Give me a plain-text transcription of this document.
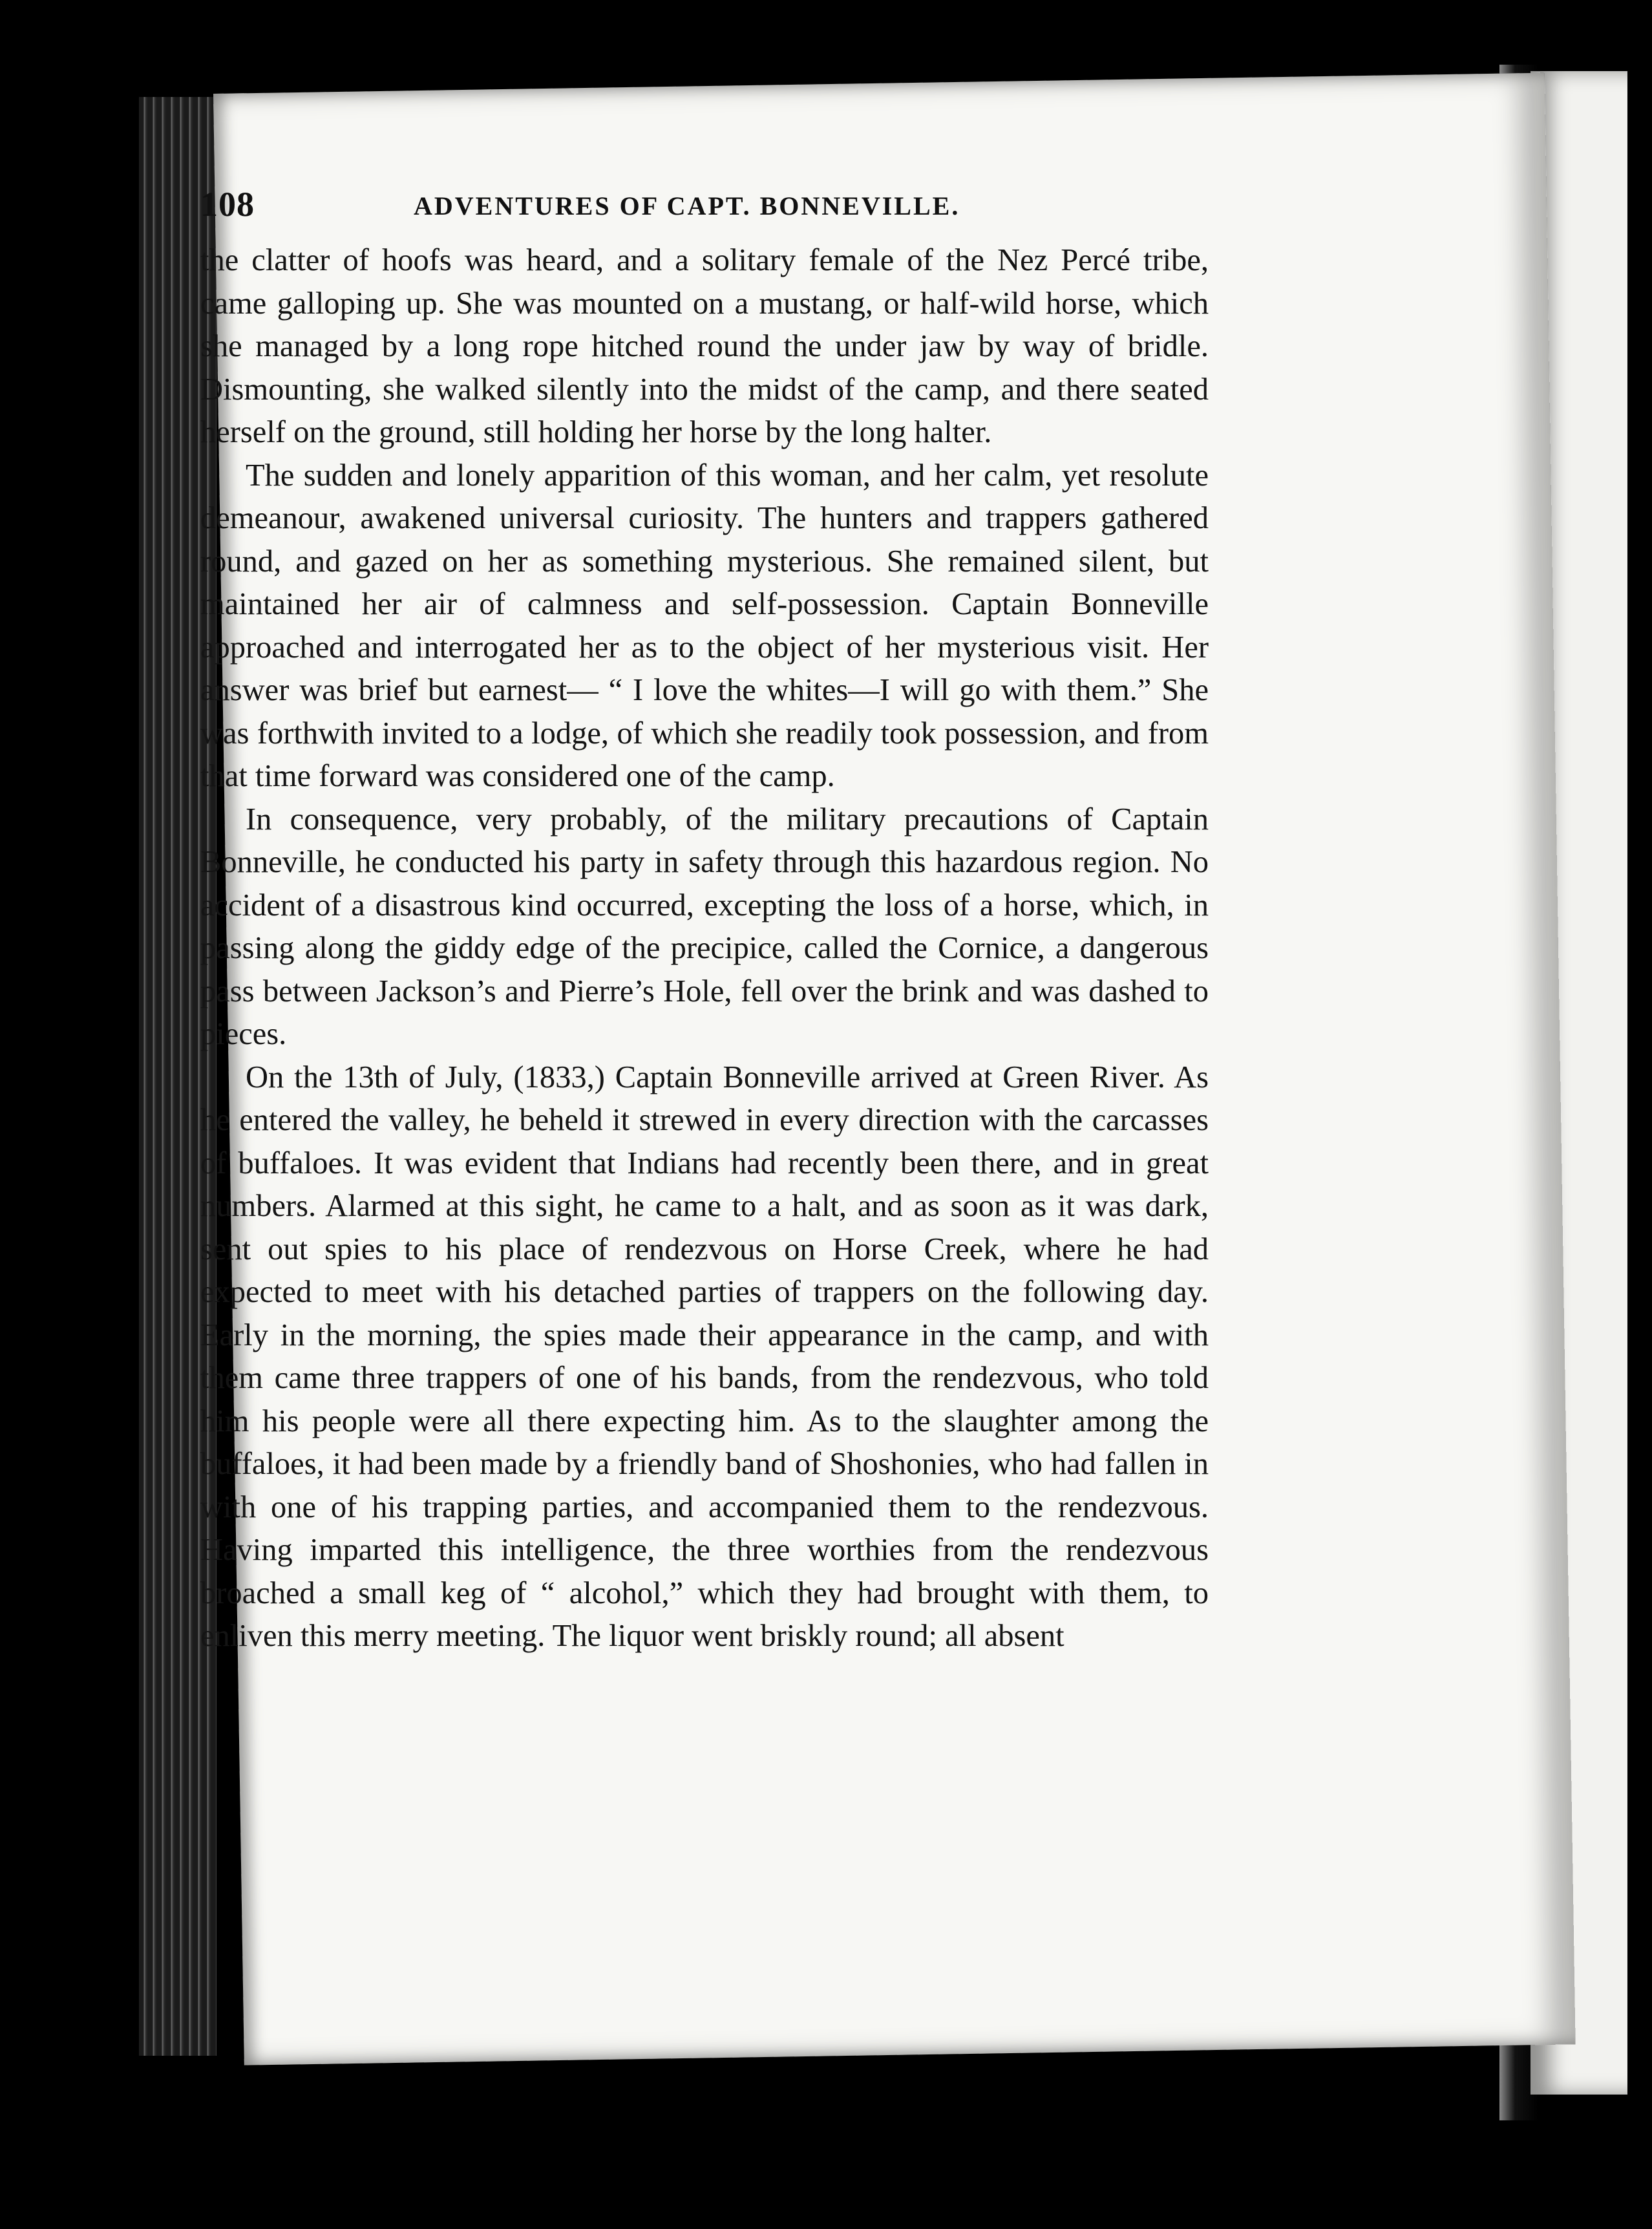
108	ADVENTURES OF CAPT. BONNEVILLE.

the clatter of hoofs was heard, and a solitary female of the Nez Percé tribe, came galloping up. She was mounted on a mustang, or half-wild horse, which she managed by a long rope hitched round the under jaw by way of bridle. Dismounting, she walked silently into the midst of the camp, and there seated herself on the ground, still holding her horse by the long halter.

The sudden and lonely apparition of this woman, and her calm, yet resolute demeanour, awakened universal curiosity. The hunters and trappers gathered round, and gazed on her as something mysterious. She remained silent, but maintained her air of calmness and self-possession. Captain Bonneville approached and interrogated her as to the object of her mysterious visit. Her answer was brief but earnest— “ I love the whites—I will go with them.” She was forthwith invited to a lodge, of which she readily took possession, and from that time forward was considered one of the camp.

In consequence, very probably, of the military precautions of Captain Bonneville, he conducted his party in safety through this hazardous region. No accident of a disastrous kind occurred, excepting the loss of a horse, which, in passing along the giddy edge of the precipice, called the Cornice, a dangerous pass between Jackson’s and Pierre’s Hole, fell over the brink and was dashed to pieces.

On the 13th of July, (1833,) Captain Bonneville arrived at Green River. As he entered the valley, he beheld it strewed in every direction with the carcasses of buffaloes. It was evident that Indians had recently been there, and in great numbers. Alarmed at this sight, he came to a halt, and as soon as it was dark, sent out spies to his place of rendezvous on Horse Creek, where he had expected to meet with his detached parties of trappers on the following day. Early in the morning, the spies made their appearance in the camp, and with them came three trappers of one of his bands, from the rendezvous, who told him his people were all there expecting him. As to the slaughter among the buffaloes, it had been made by a friendly band of Shoshonies, who had fallen in with one of his trapping parties, and accompanied them to the rendezvous. Having imparted this intelligence, the three worthies from the rendezvous broached a small keg of “ alcohol,” which they had brought with them, to enliven this merry meeting. The liquor went briskly round; all absent
